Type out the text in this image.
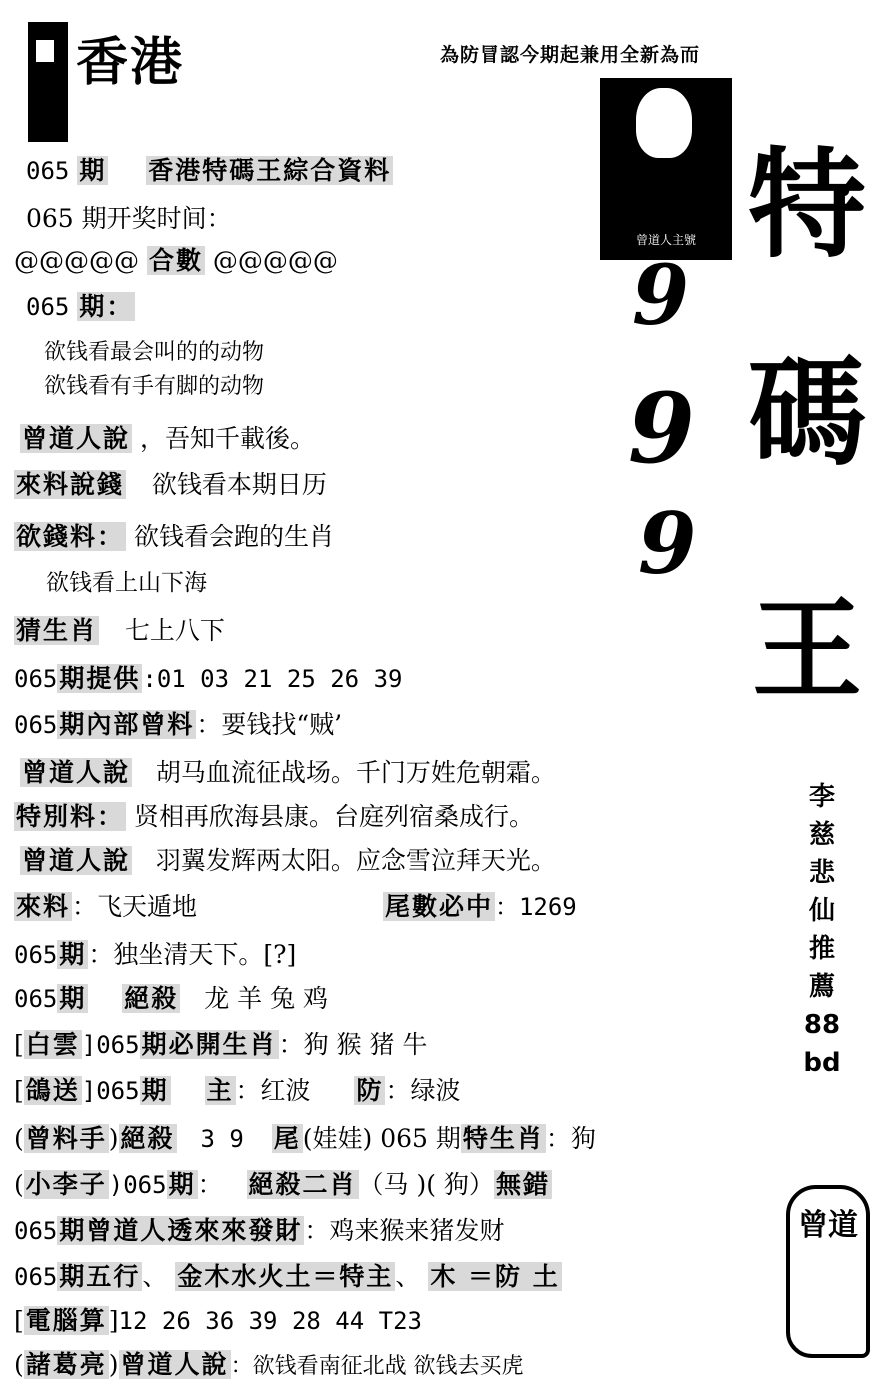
香港	為防冒認今期起兼用全新為而
曾道人主號 特
碼
王
9
9
9
李慈悲仙推薦88bd
曾道
065 期 香港特碼王綜合資料
065 期开奖时间：
@@@@@ 合數 @@@@@
065 期：
欲钱看最会叫的的动物
欲钱看有手有脚的动物
曾道人說 ，吾知千載後。
來料說錢 欲钱看本期日历
欲錢料： 欲钱看会跑的生肖
欲钱看上山下海
猜生肖 七上八下
065期提供:01 03 21 25 26 39
065期內部曾料：要钱找“贼’
曾道人說 胡马血流征战场。千门万姓危朝霜。
特別料： 贤相再欣海县康。台庭列宿桑成行。
曾道人說 羽翼发辉两太阳。应念雪泣拜天光。
來料：飞天遁地	尾數必中：1269
065期：独坐清天下。[?]
065期 絕殺 龙 羊 兔 鸡
[白雲]065期必開生肖：狗 猴 猪 牛
[鴿送]065期 主：红波 防：绿波
(曾料手)絕殺 3 9 尾(娃娃) 065 期特生肖：狗
(小李子)065期： 絕殺二肖（马 )( 狗）無錯
065期曾道人透來來發財：鸡来猴来猪发财
065期五行、 金木水火土＝特主、 木 ＝防 土
[電腦算]12 26 36 39 28 44 T23
(諸葛亮)曾道人說：欲钱看南征北战 欲钱去买虎
